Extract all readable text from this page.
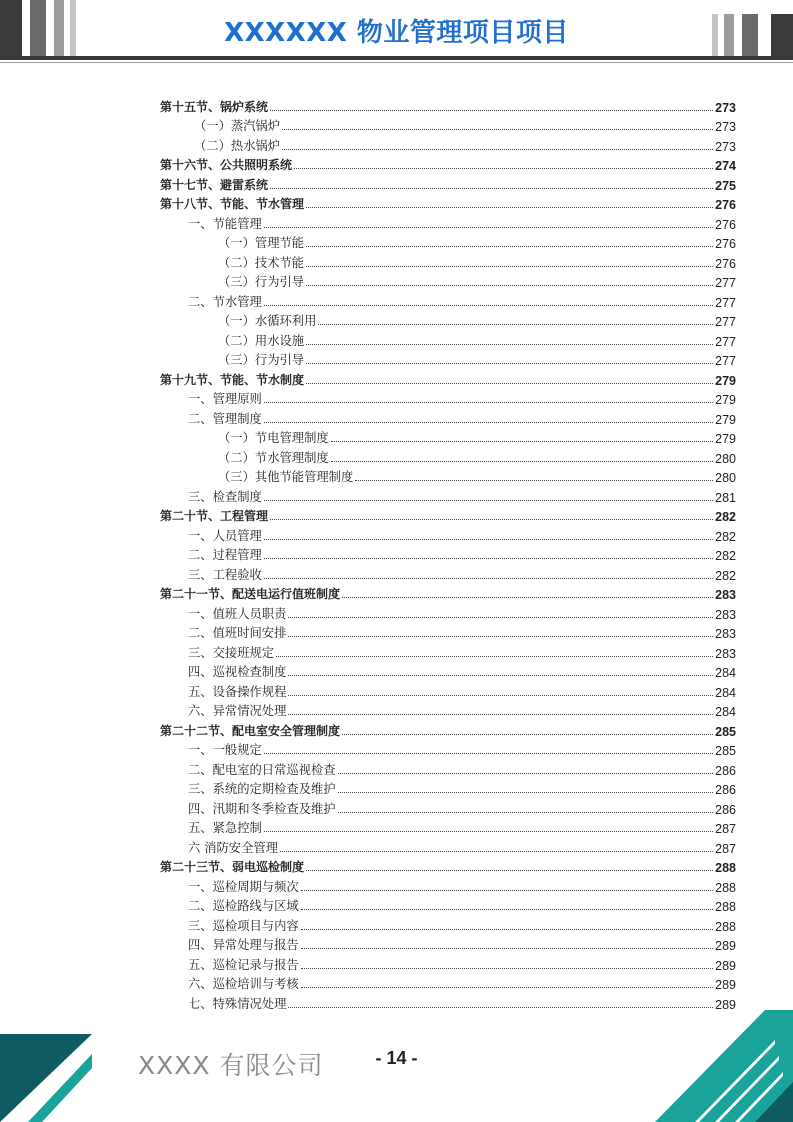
XXXXXX 物业管理项目项目
第十五节、锅炉系统	273
（一）蒸汽锅炉	273
（二）热水锅炉	273
第十六节、公共照明系统	274
第十七节、避雷系统	275
第十八节、节能、节水管理	276
一、节能管理	276
（一）管理节能	276
（二）技术节能	276
（三）行为引导	277
二、节水管理	277
（一）水循环利用	277
（二）用水设施	277
（三）行为引导	277
第十九节、节能、节水制度	279
一、管理原则	279
二、管理制度	279
（一）节电管理制度	279
（二）节水管理制度	280
（三）其他节能管理制度	280
三、检查制度	281
第二十节、工程管理	282
一、人员管理	282
二、过程管理	282
三、工程验收	282
第二十一节、配送电运行值班制度	283
一、值班人员职责	283
二、值班时间安排	283
三、交接班规定	283
四、巡视检查制度	284
五、设备操作规程	284
六、异常情况处理	284
第二十二节、配电室安全管理制度	285
一、一般规定	285
二、配电室的日常巡视检查	286
三、系统的定期检查及维护	286
四、汛期和冬季检查及维护	286
五、紧急控制	287
六 消防安全管理	287
第二十三节、弱电巡检制度	288
一、巡检周期与频次	288
二、巡检路线与区域	288
三、巡检项目与内容	288
四、异常处理与报告	289
五、巡检记录与报告	289
六、巡检培训与考核	289
七、特殊情况处理	289
XXXX 有限公司	- 14 -
